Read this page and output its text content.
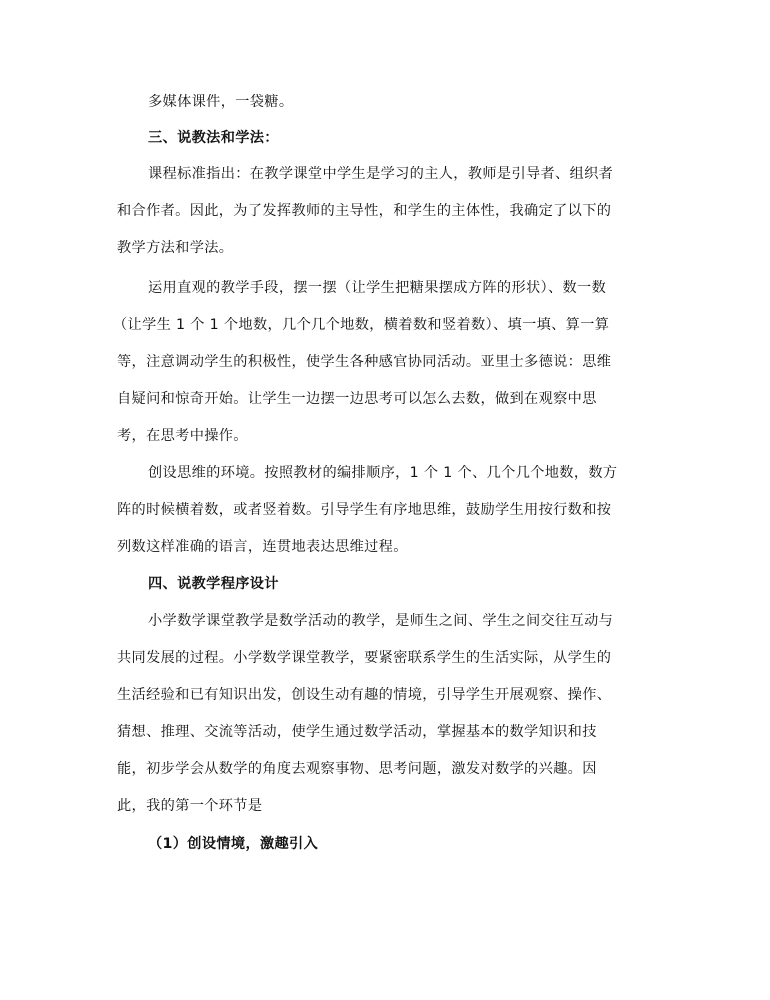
多媒体课件，一袋糖。
三、说教法和学法：
课程标准指出：在教学课堂中学生是学习的主人，教师是引导者、组织者
和合作者。因此，为了发挥教师的主导性，和学生的主体性，我确定了以下的
教学方法和学法。
运用直观的教学手段，摆一摆（让学生把糖果摆成方阵的形状）、数一数
（让学生 1 个 1 个地数，几个几个地数，横着数和竖着数）、填一填、算一算
等，注意调动学生的积极性，使学生各种感官协同活动。亚里士多德说：思维
自疑问和惊奇开始。让学生一边摆一边思考可以怎么去数，做到在观察中思
考，在思考中操作。
创设思维的环境。按照教材的编排顺序，1 个 1 个、几个几个地数，数方
阵的时候横着数，或者竖着数。引导学生有序地思维，鼓励学生用按行数和按
列数这样准确的语言，连贯地表达思维过程。
四、说教学程序设计
小学数学课堂教学是数学活动的教学，是师生之间、学生之间交往互动与
共同发展的过程。小学数学课堂教学，要紧密联系学生的生活实际，从学生的
生活经验和已有知识出发，创设生动有趣的情境，引导学生开展观察、操作、
猜想、推理、交流等活动，使学生通过数学活动，掌握基本的数学知识和技
能，初步学会从数学的角度去观察事物、思考问题，激发对数学的兴趣。因
此，我的第一个环节是
（1）创设情境，激趣引入
